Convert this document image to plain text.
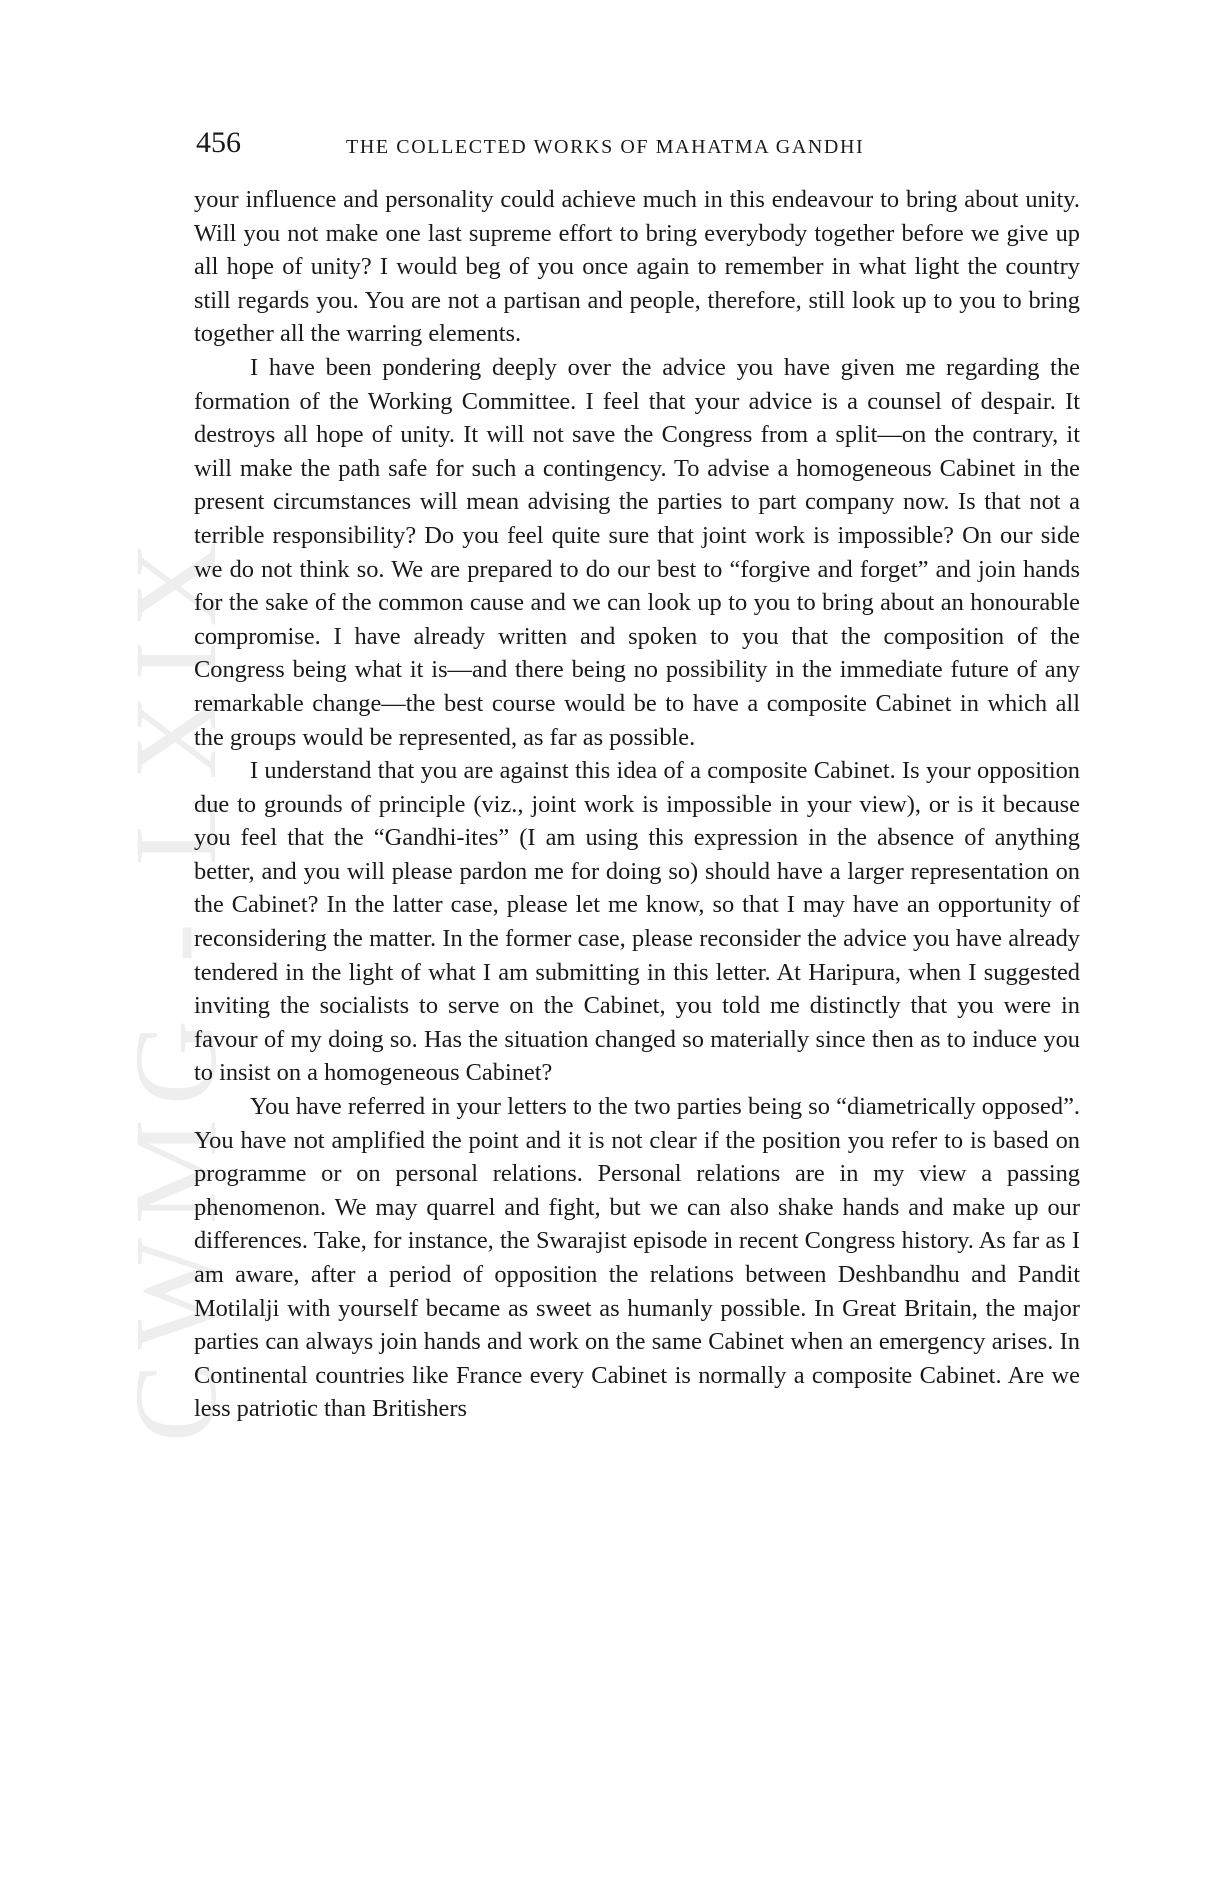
CWMG - LXIX
456	THE COLLECTED WORKS OF MAHATMA GANDHI

your influence and personality could achieve much in this endeavour to bring about unity. Will you not make one last supreme effort to bring everybody together before we give up all hope of unity? I would beg of you once again to remember in what light the country still regards you. You are not a partisan and people, therefore, still look up to you to bring together all the warring elements.

I have been pondering deeply over the advice you have given me regarding the formation of the Working Committee. I feel that your advice is a counsel of despair. It destroys all hope of unity. It will not save the Congress from a split—on the contrary, it will make the path safe for such a contingency. To advise a homogeneous Cabinet in the present circumstances will mean advising the parties to part company now. Is that not a terrible responsibility? Do you feel quite sure that joint work is impossible? On our side we do not think so. We are prepared to do our best to “forgive and forget” and join hands for the sake of the common cause and we can look up to you to bring about an honourable compromise. I have already written and spoken to you that the composition of the Congress being what it is—and there being no possibility in the immediate future of any remarkable change—the best course would be to have a composite Cabinet in which all the groups would be represented, as far as possible.

I understand that you are against this idea of a composite Cabinet. Is your opposition due to grounds of principle (viz., joint work is impossible in your view), or is it because you feel that the “Gandhi-ites” (I am using this expression in the absence of anything better, and you will please pardon me for doing so) should have a larger representation on the Cabinet? In the latter case, please let me know, so that I may have an opportunity of reconsidering the matter. In the former case, please reconsider the advice you have already tendered in the light of what I am submitting in this letter. At Haripura, when I suggested inviting the socialists to serve on the Cabinet, you told me distinctly that you were in favour of my doing so. Has the situation changed so materially since then as to induce you to insist on a homogeneous Cabinet?

You have referred in your letters to the two parties being so “diametrically opposed”. You have not amplified the point and it is not clear if the position you refer to is based on programme or on personal relations. Personal relations are in my view a passing phenomenon. We may quarrel and fight, but we can also shake hands and make up our differences. Take, for instance, the Swarajist episode in recent Congress history. As far as I am aware, after a period of opposition the relations between Deshbandhu and Pandit Motilalji with yourself became as sweet as humanly possible. In Great Britain, the major parties can always join hands and work on the same Cabinet when an emergency arises. In Continental countries like France every Cabinet is normally a composite Cabinet. Are we less patriotic than Britishers
